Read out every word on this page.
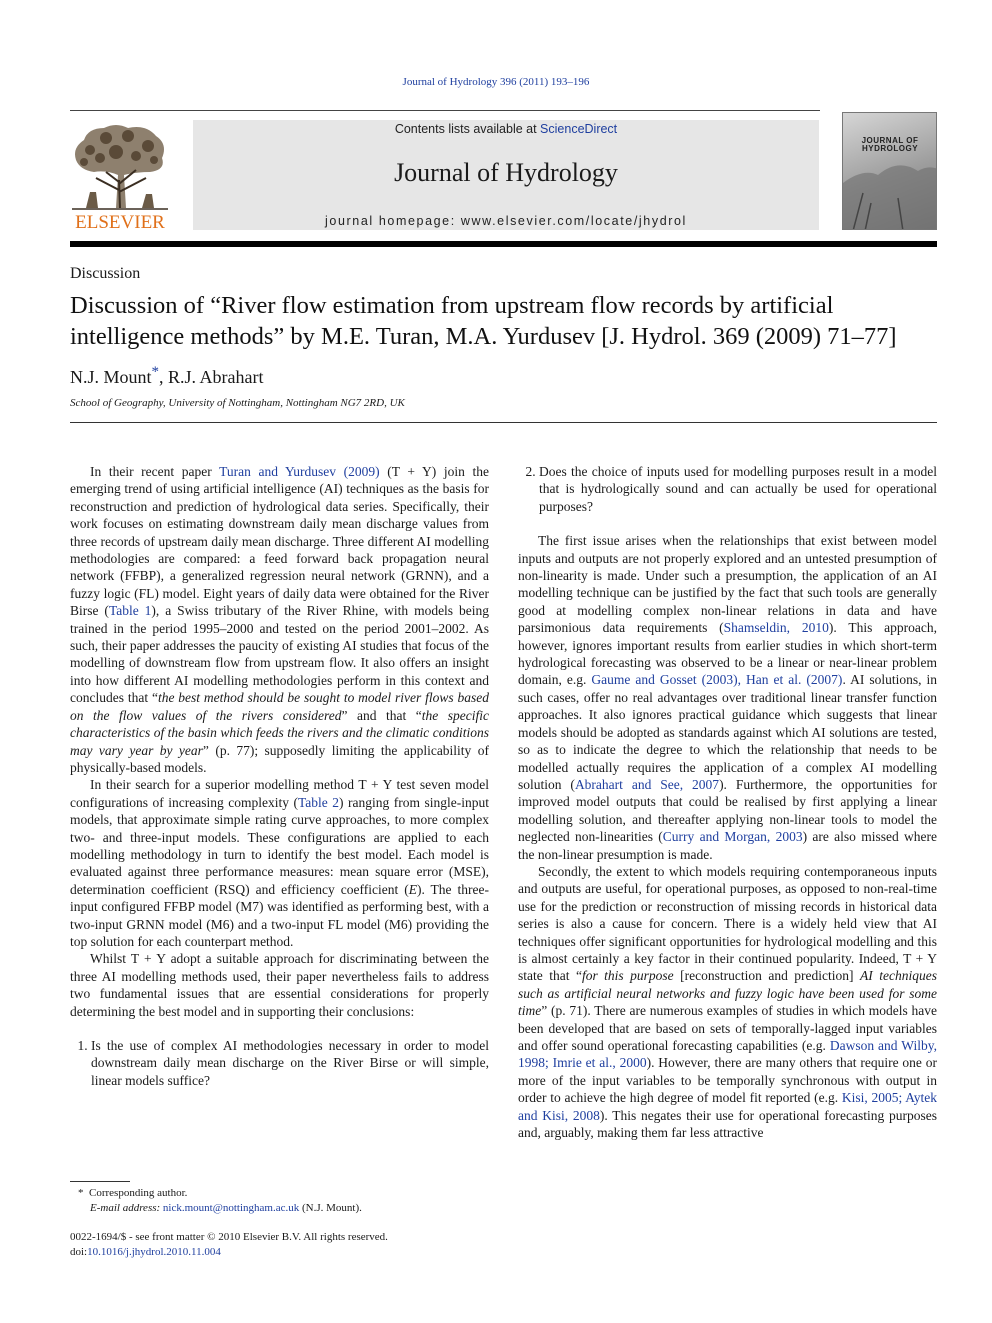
Journal of Hydrology 396 (2011) 193–196
ELSEVIER
Contents lists available at ScienceDirect
Journal of Hydrology
journal homepage: www.elsevier.com/locate/jhydrol
JOURNAL OF
HYDROLOGY
Discussion
Discussion of “River flow estimation from upstream flow records by artificial intelligence methods” by M.E. Turan, M.A. Yurdusev [J. Hydrol. 369 (2009) 71–77]
N.J. Mount*, R.J. Abrahart
School of Geography, University of Nottingham, Nottingham NG7 2RD, UK

In their recent paper Turan and Yurdusev (2009) (T + Y) join the emerging trend of using artificial intelligence (AI) techniques as the basis for reconstruction and prediction of hydrological data series. Specifically, their work focuses on estimating downstream daily mean discharge values from three records of upstream daily mean discharge. Three different AI modelling methodologies are compared: a feed forward back propagation neural network (FFBP), a generalized regression neural network (GRNN), and a fuzzy logic (FL) model. Eight years of daily data were obtained for the River Birse (Table 1), a Swiss tributary of the River Rhine, with models being trained in the period 1995–2000 and tested on the period 2001–2002. As such, their paper addresses the paucity of existing AI studies that focus of the modelling of downstream flow from upstream flow. It also offers an insight into how different AI modelling methodologies perform in this context and concludes that “the best method should be sought to model river flows based on the flow values of the rivers considered” and that “the specific characteristics of the basin which feeds the rivers and the climatic conditions may vary year by year” (p. 77); supposedly limiting the applicability of physically-based models.

In their search for a superior modelling method T + Y test seven model configurations of increasing complexity (Table 2) ranging from single-input models, that approximate simple rating curve approaches, to more complex two- and three-input models. These configurations are applied to each modelling methodology in turn to identify the best model. Each model is evaluated against three performance measures: mean square error (MSE), determination coefficient (RSQ) and efficiency coefficient (E). The three-input configured FFBP model (M7) was identified as performing best, with a two-input GRNN model (M6) and a two-input FL model (M6) providing the top solution for each counterpart method.

Whilst T + Y adopt a suitable approach for discriminating between the three AI modelling methods used, their paper nevertheless fails to address two fundamental issues that are essential considerations for properly determining the best model and in supporting their conclusions:

1. Is the use of complex AI methodologies necessary in order to model downstream daily mean discharge on the River Birse or will simple, linear models suffice?
2. Does the choice of inputs used for modelling purposes result in a model that is hydrologically sound and can actually be used for operational purposes?

The first issue arises when the relationships that exist between model inputs and outputs are not properly explored and an untested presumption of non-linearity is made. Under such a presumption, the application of an AI modelling technique can be justified by the fact that such tools are generally good at modelling complex non-linear relations in data and have parsimonious data requirements (Shamseldin, 2010). This approach, however, ignores important results from earlier studies in which short-term hydrological forecasting was observed to be a linear or near-linear problem domain, e.g. Gaume and Gosset (2003), Han et al. (2007). AI solutions, in such cases, offer no real advantages over traditional linear transfer function approaches. It also ignores practical guidance which suggests that linear models should be adopted as standards against which AI solutions are tested, so as to indicate the degree to which the relationship that needs to be modelled actually requires the application of a complex AI modelling solution (Abrahart and See, 2007). Furthermore, the opportunities for improved model outputs that could be realised by first applying a linear modelling solution, and thereafter applying non-linear tools to model the neglected non-linearities (Curry and Morgan, 2003) are also missed where the non-linear presumption is made.

Secondly, the extent to which models requiring contemporaneous inputs and outputs are useful, for operational purposes, as opposed to non-real-time use for the prediction or reconstruction of missing records in historical data series is also a cause for concern. There is a widely held view that AI techniques offer significant opportunities for hydrological modelling and this is almost certainly a key factor in their continued popularity. Indeed, T + Y state that “for this purpose [reconstruction and prediction] AI techniques such as artificial neural networks and fuzzy logic have been used for some time” (p. 71). There are numerous examples of studies in which models have been developed that are based on sets of temporally-lagged input variables and offer sound operational forecasting capabilities (e.g. Dawson and Wilby, 1998; Imrie et al., 2000). However, there are many others that require one or more of the input variables to be temporally synchronous with output in order to achieve the high degree of model fit reported (e.g. Kisi, 2005; Aytek and Kisi, 2008). This negates their use for operational forecasting purposes and, arguably, making them far less attractive

* Corresponding author.
E-mail address: nick.mount@nottingham.ac.uk (N.J. Mount).
0022-1694/$ - see front matter © 2010 Elsevier B.V. All rights reserved.
doi:10.1016/j.jhydrol.2010.11.004
